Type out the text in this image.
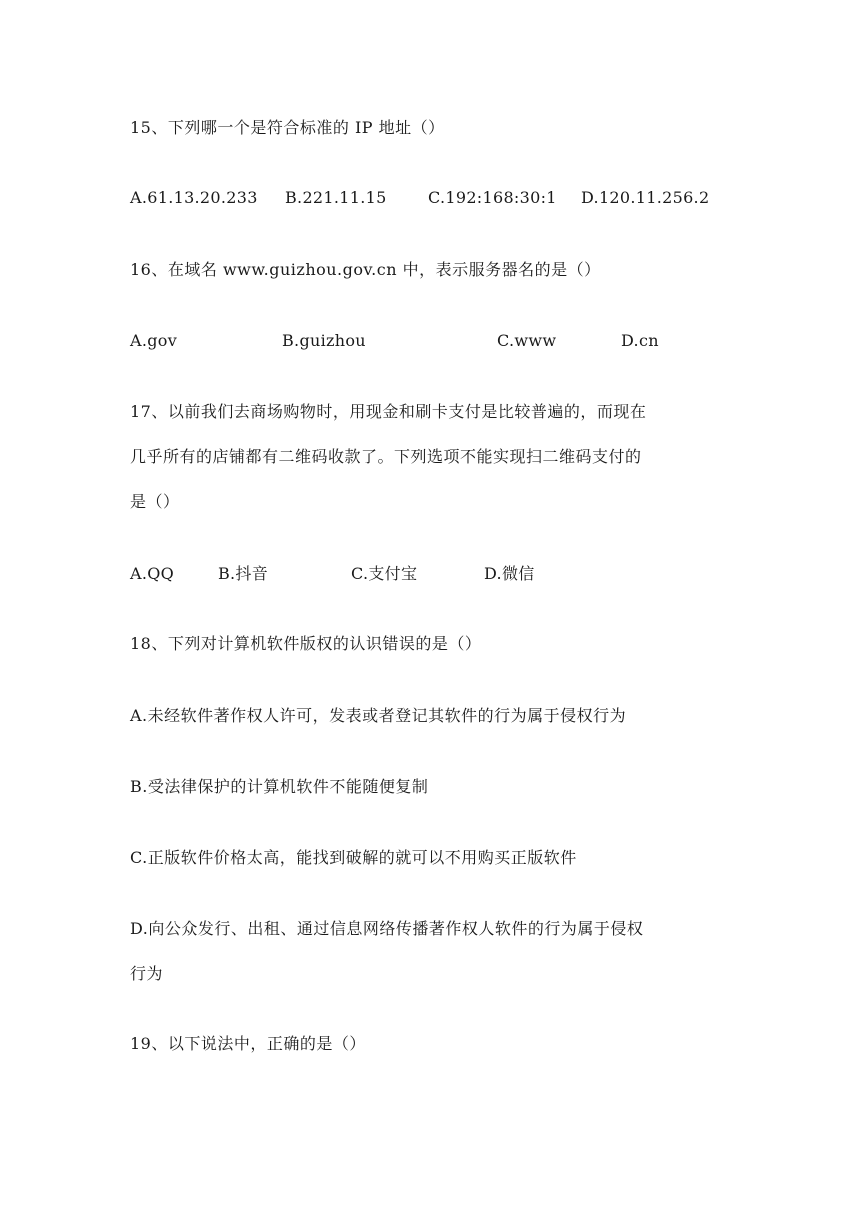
15、下列哪一个是符合标准的 IP 地址（）
A.61.13.20.233 B.221.11.15	C.192:168:30:1 D.120.11.256.2
16、在域名 www.guizhou.gov.cn 中，表示服务器名的是（）
A.gov	B.guizhou	C.www	D.cn
17、以前我们去商场购物时，用现金和刷卡支付是比较普遍的，而现在
几乎所有的店铺都有二维码收款了。下列选项不能实现扫二维码支付的
是（）
A.QQ	B.抖音	C.支付宝	D.微信
18、下列对计算机软件版权的认识错误的是（）
A.未经软件著作权人许可，发表或者登记其软件的行为属于侵权行为
B.受法律保护的计算机软件不能随便复制
C.正版软件价格太高，能找到破解的就可以不用购买正版软件
D.向公众发行、出租、通过信息网络传播著作权人软件的行为属于侵权
行为
19、以下说法中，正确的是（）
